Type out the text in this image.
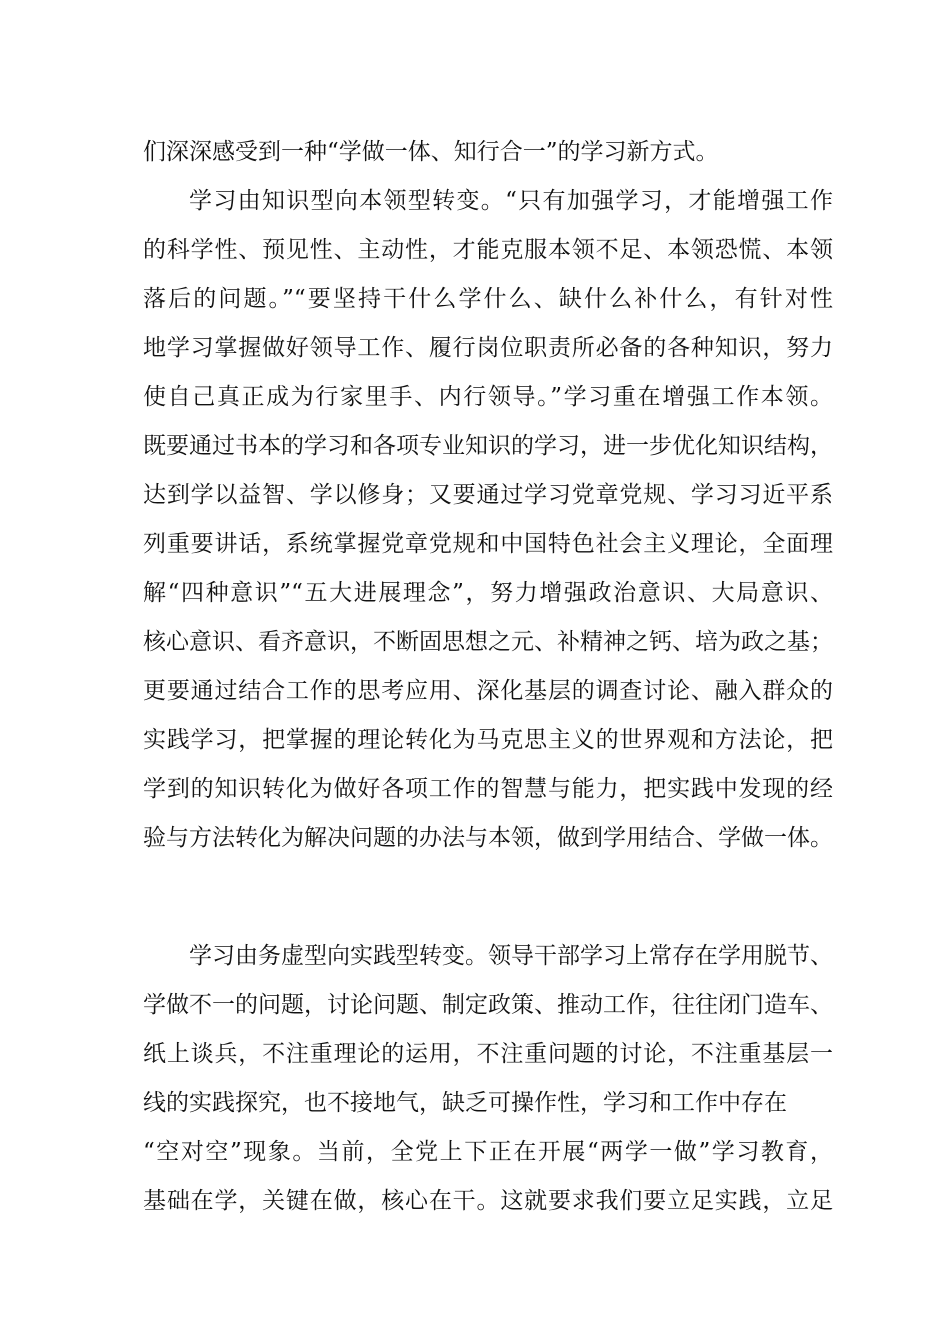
们深深感受到一种“学做一体、知行合一”的学习新方式。
学习由知识型向本领型转变。“只有加强学习，才能增强工作
的科学性、预见性、主动性，才能克服本领不足、本领恐慌、本领
落后的问题。”“要坚持干什么学什么、缺什么补什么，有针对性
地学习掌握做好领导工作、履行岗位职责所必备的各种知识，努力
使自己真正成为行家里手、内行领导。”学习重在增强工作本领。
既要通过书本的学习和各项专业知识的学习，进一步优化知识结构，
达到学以益智、学以修身；又要通过学习党章党规、学习习近平系
列重要讲话，系统掌握党章党规和中国特色社会主义理论，全面理
解“四种意识”“五大进展理念”，努力增强政治意识、大局意识、
核心意识、看齐意识，不断固思想之元、补精神之钙、培为政之基；
更要通过结合工作的思考应用、深化基层的调查讨论、融入群众的
实践学习，把掌握的理论转化为马克思主义的世界观和方法论，把
学到的知识转化为做好各项工作的智慧与能力，把实践中发现的经
验与方法转化为解决问题的办法与本领，做到学用结合、学做一体。
学习由务虚型向实践型转变。领导干部学习上常存在学用脱节、
学做不一的问题，讨论问题、制定政策、推动工作，往往闭门造车、
纸上谈兵，不注重理论的运用，不注重问题的讨论，不注重基层一
线的实践探究，也不接地气，缺乏可操作性，学习和工作中存在
“空对空”现象。当前，全党上下正在开展“两学一做”学习教育，
基础在学，关键在做，核心在干。这就要求我们要立足实践，立足
